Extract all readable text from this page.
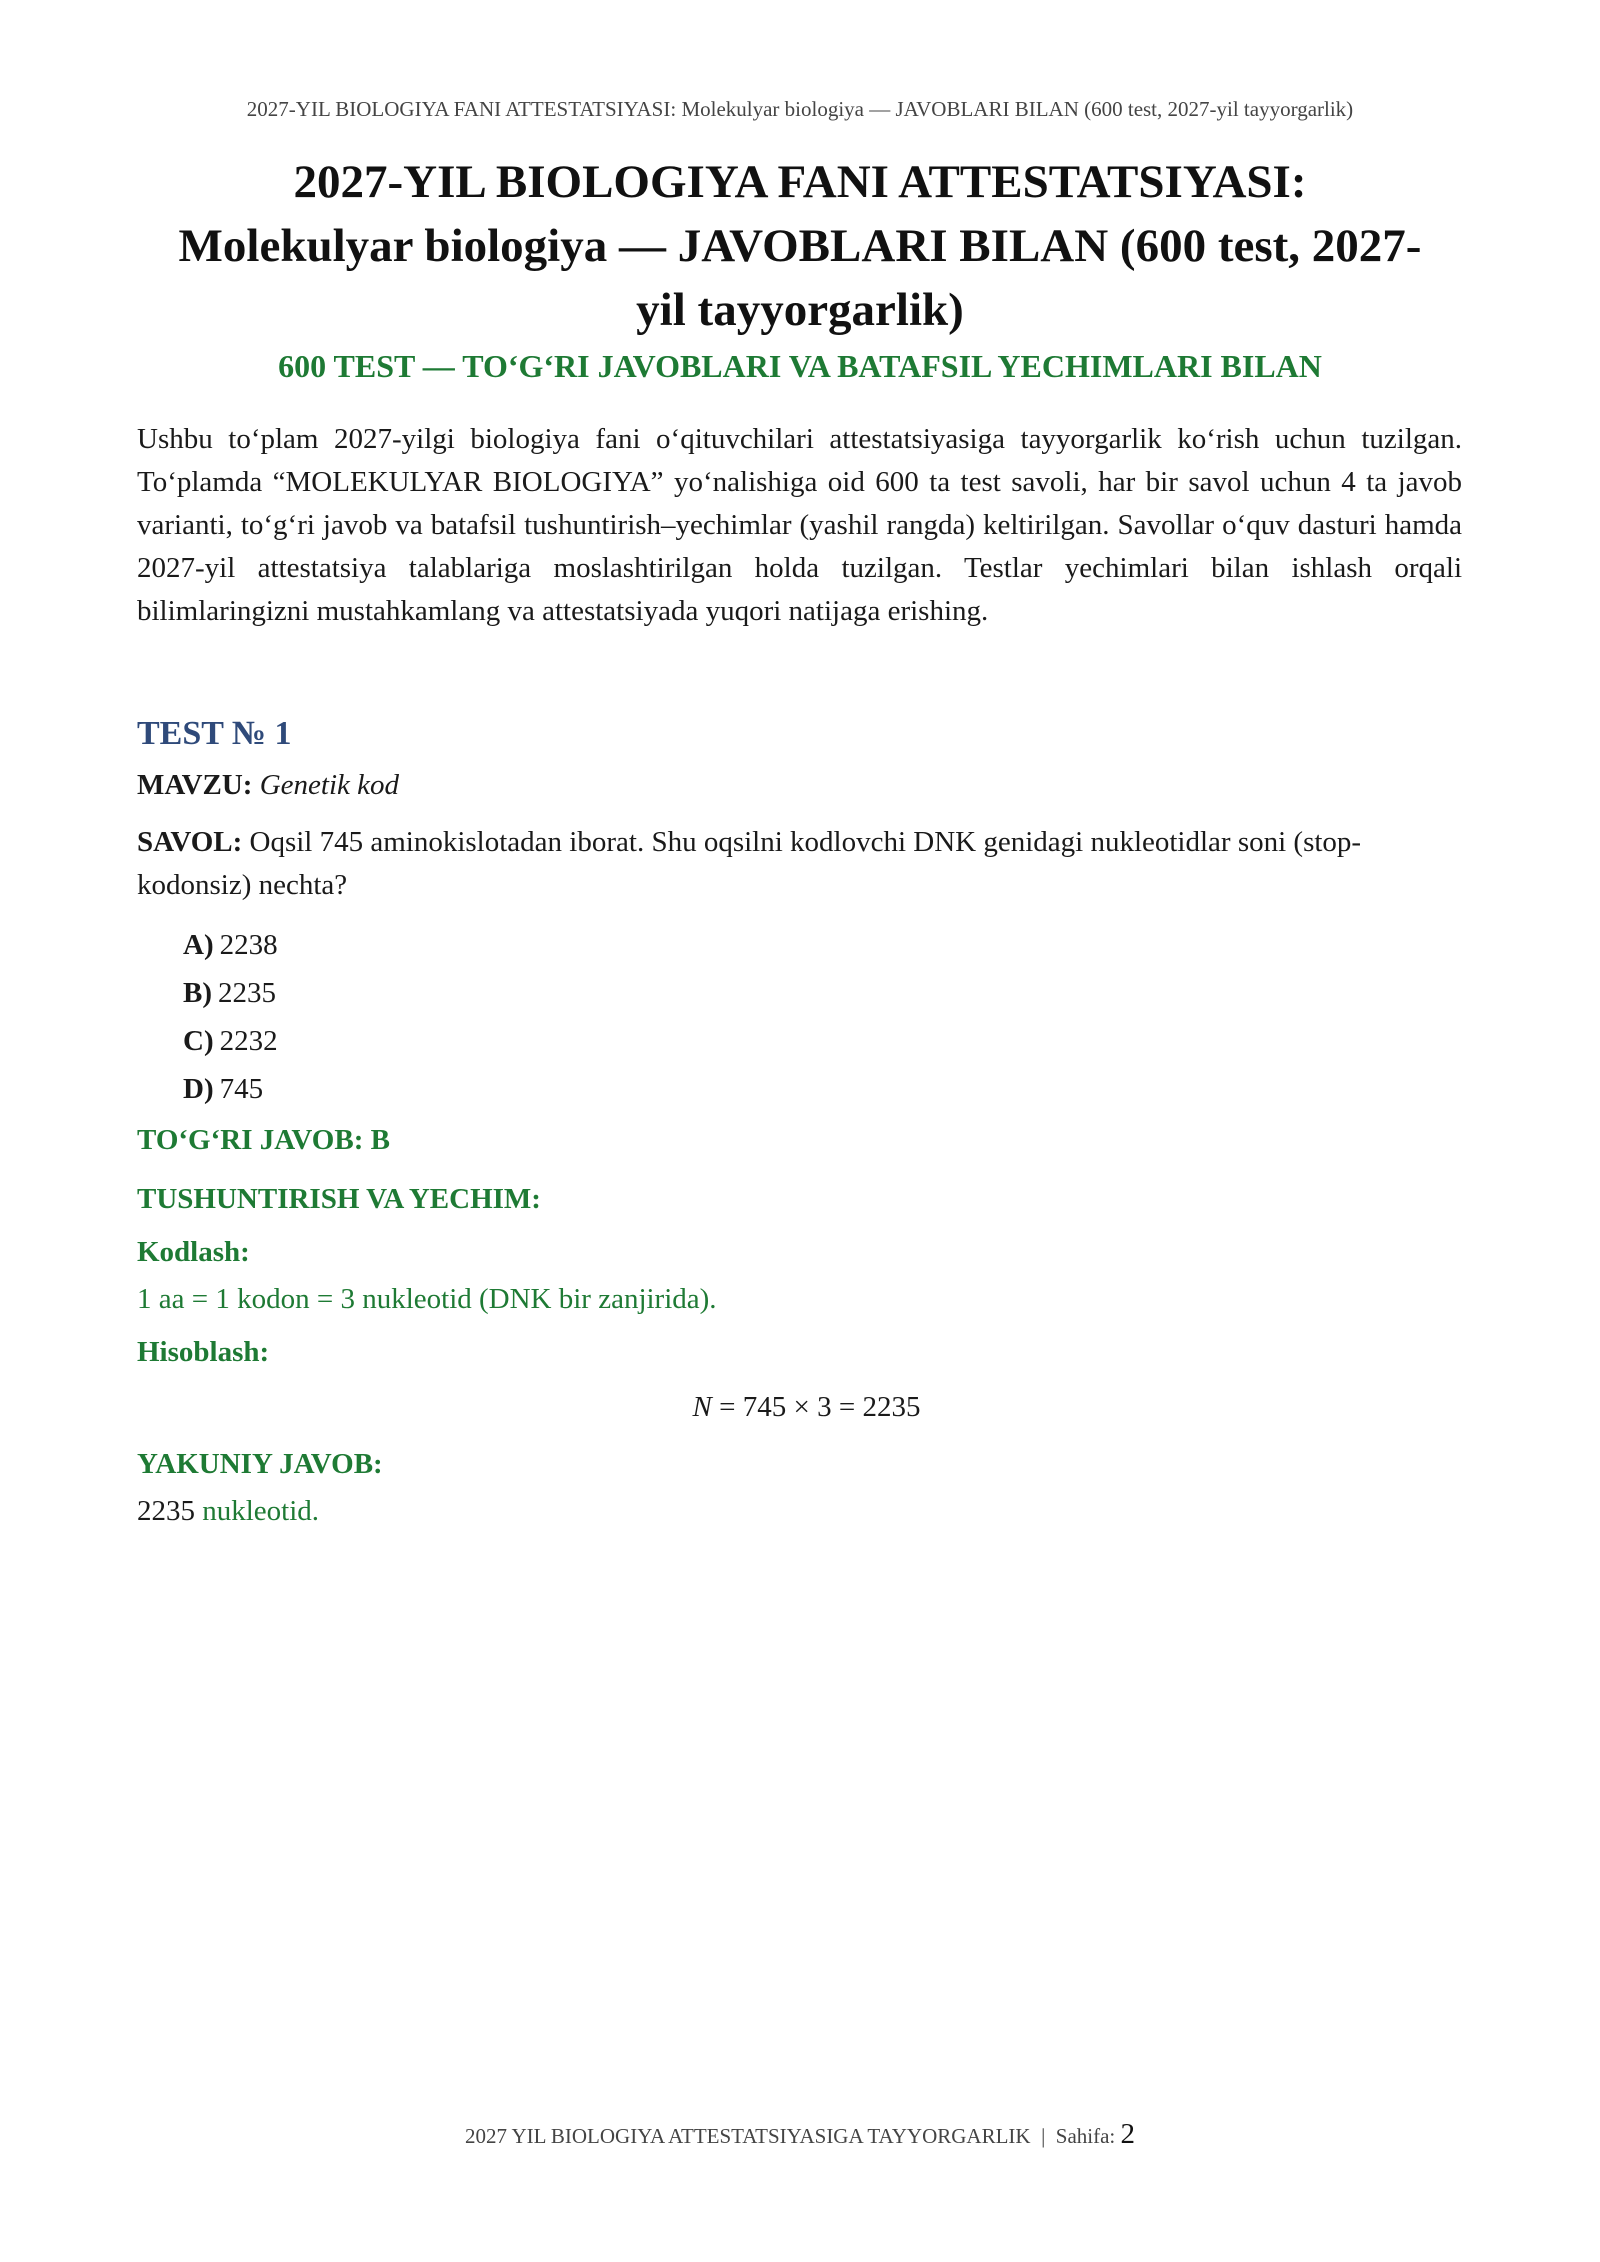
2027-YIL BIOLOGIYA FANI ATTESTATSIYASI: Molekulyar biologiya — JAVOBLARI BILAN (600 test, 2027-yil tayyorgarlik)
2027-YIL BIOLOGIYA FANI ATTESTATSIYASI:
Molekulyar biologiya — JAVOBLARI BILAN (600 test, 2027-
yil tayyorgarlik)
600 TEST — TO‘G‘RI JAVOBLARI VA BATAFSIL YECHIMLARI BILAN

Ushbu to‘plam 2027-yilgi biologiya fani o‘qituvchilari attestatsiyasiga tayyorgarlik ko‘rish uchun tuzilgan. To‘plamda “MOLEKULYAR BIOLOGIYA” yo‘nalishiga oid 600 ta test savoli, har bir savol uchun 4 ta javob varianti, to‘g‘ri javob va batafsil tushuntirish–yechimlar (yashil rangda) keltirilgan. Savollar o‘quv dasturi hamda 2027-yil attestatsiya talablariga moslashtirilgan holda tuzilgan. Testlar yechimlari bilan ishlash orqali bilimlaringizni mustahkamlang va attestatsiyada yuqori natijaga erishing.

TEST № 1

MAVZU: Genetik kod

SAVOL: Oqsil 745 aminokislotadan iborat. Shu oqsilni kodlovchi DNK genidagi nukleotidlar soni (stop-kodonsiz) nechta?

A) 2238
B) 2235
C) 2232
D) 745

TO‘G‘RI JAVOB: B

TUSHUNTIRISH VA YECHIM:

Kodlash:

1 aa = 1 kodon = 3 nukleotid (DNK bir zanjirida).

Hisoblash:

N = 745 × 3 = 2235

YAKUNIY JAVOB:

2235 nukleotid.

2027 YIL BIOLOGIYA ATTESTATSIYASIGA TAYYORGARLIK  |  Sahifa: 2
